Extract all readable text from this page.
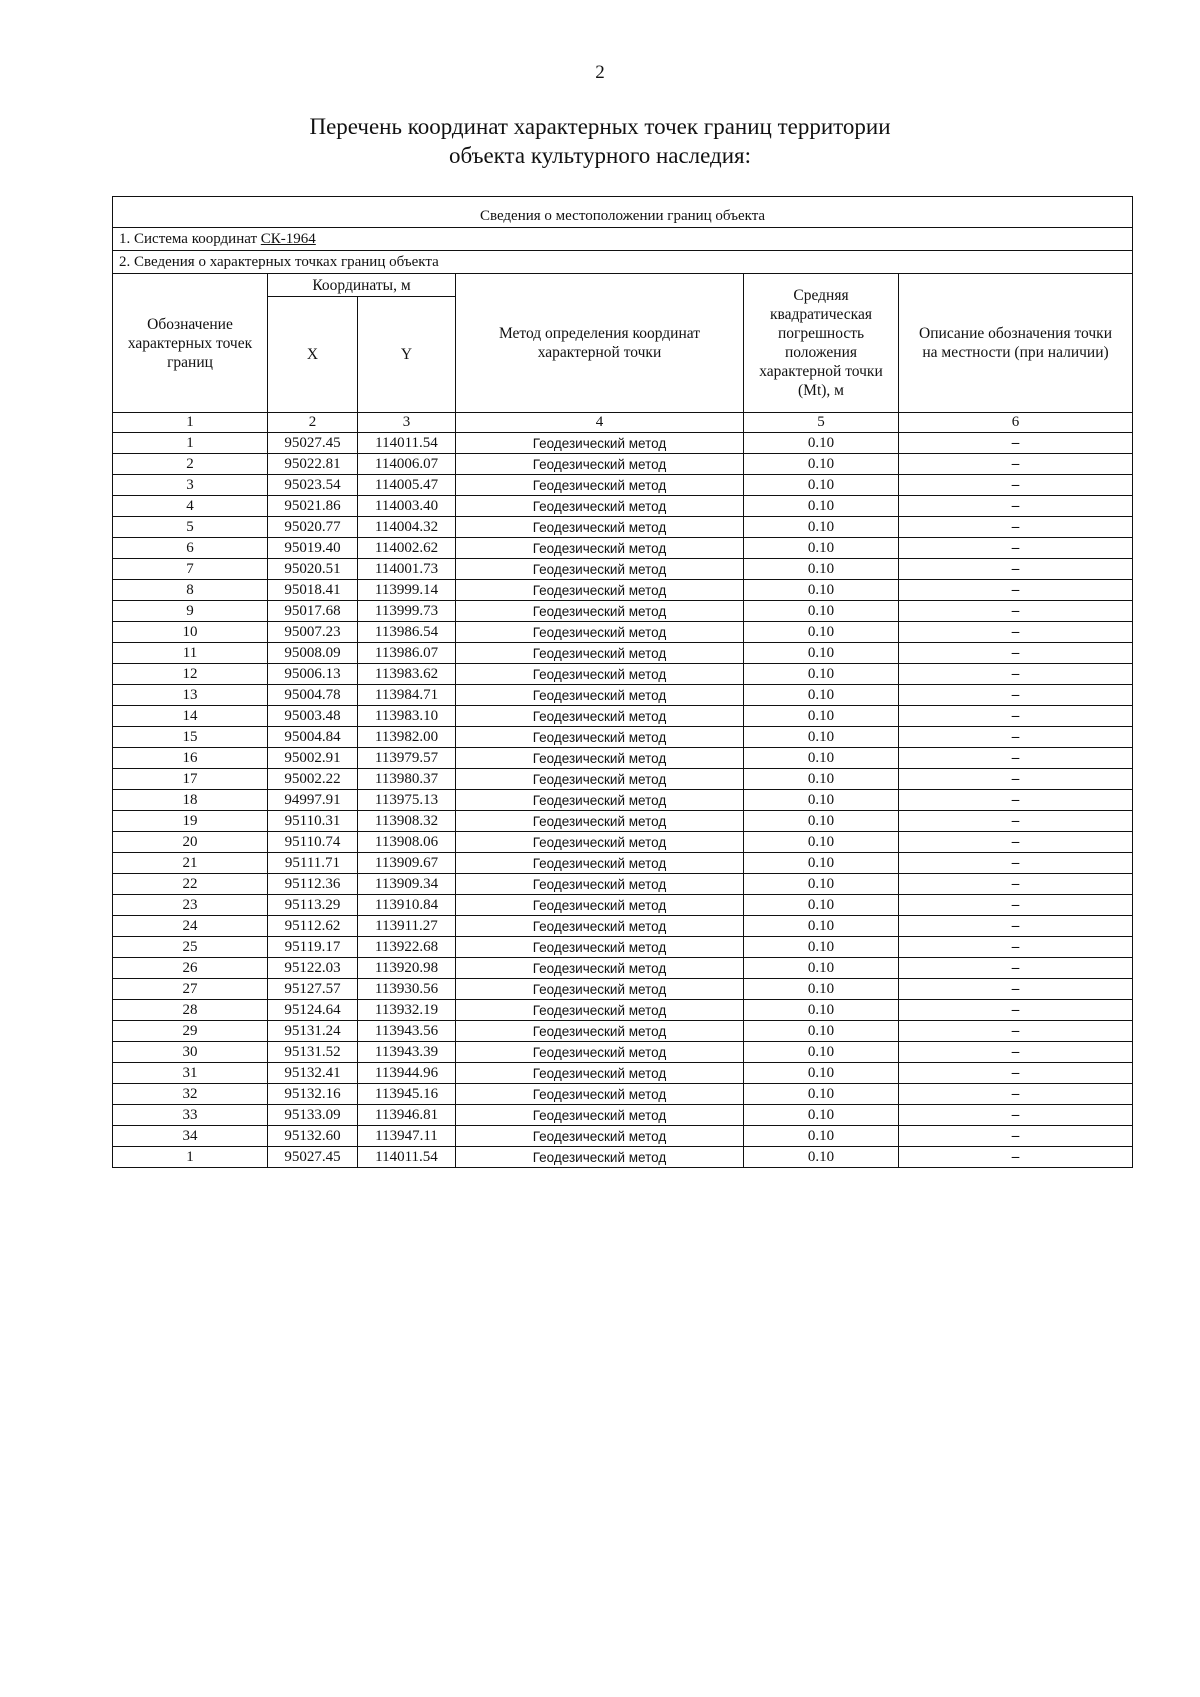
2
Перечень координат характерных точек границ территории
объекта культурного наследия:

Сведения о местоположении границ объекта					
1. Система координат СК-1964					
2. Сведения о характерных точках границ объекта					
Обозначение характерных точек границ	Координаты, м		Метод определения координат характерной точки	Средняя квадратическая погрешность положения характерной точки (Mt), м	Описание обозначения точки на местности (при наличии)
	X	Y			
1	2	3	4	5	6
1	95027.45	114011.54	Геодезический метод	0.10	–
2	95022.81	114006.07	Геодезический метод	0.10	–
3	95023.54	114005.47	Геодезический метод	0.10	–
4	95021.86	114003.40	Геодезический метод	0.10	–
5	95020.77	114004.32	Геодезический метод	0.10	–
6	95019.40	114002.62	Геодезический метод	0.10	–
7	95020.51	114001.73	Геодезический метод	0.10	–
8	95018.41	113999.14	Геодезический метод	0.10	–
9	95017.68	113999.73	Геодезический метод	0.10	–
10	95007.23	113986.54	Геодезический метод	0.10	–
11	95008.09	113986.07	Геодезический метод	0.10	–
12	95006.13	113983.62	Геодезический метод	0.10	–
13	95004.78	113984.71	Геодезический метод	0.10	–
14	95003.48	113983.10	Геодезический метод	0.10	–
15	95004.84	113982.00	Геодезический метод	0.10	–
16	95002.91	113979.57	Геодезический метод	0.10	–
17	95002.22	113980.37	Геодезический метод	0.10	–
18	94997.91	113975.13	Геодезический метод	0.10	–
19	95110.31	113908.32	Геодезический метод	0.10	–
20	95110.74	113908.06	Геодезический метод	0.10	–
21	95111.71	113909.67	Геодезический метод	0.10	–
22	95112.36	113909.34	Геодезический метод	0.10	–
23	95113.29	113910.84	Геодезический метод	0.10	–
24	95112.62	113911.27	Геодезический метод	0.10	–
25	95119.17	113922.68	Геодезический метод	0.10	–
26	95122.03	113920.98	Геодезический метод	0.10	–
27	95127.57	113930.56	Геодезический метод	0.10	–
28	95124.64	113932.19	Геодезический метод	0.10	–
29	95131.24	113943.56	Геодезический метод	0.10	–
30	95131.52	113943.39	Геодезический метод	0.10	–
31	95132.41	113944.96	Геодезический метод	0.10	–
32	95132.16	113945.16	Геодезический метод	0.10	–
33	95133.09	113946.81	Геодезический метод	0.10	–
34	95132.60	113947.11	Геодезический метод	0.10	–
1	95027.45	114011.54	Геодезический метод	0.10	–
